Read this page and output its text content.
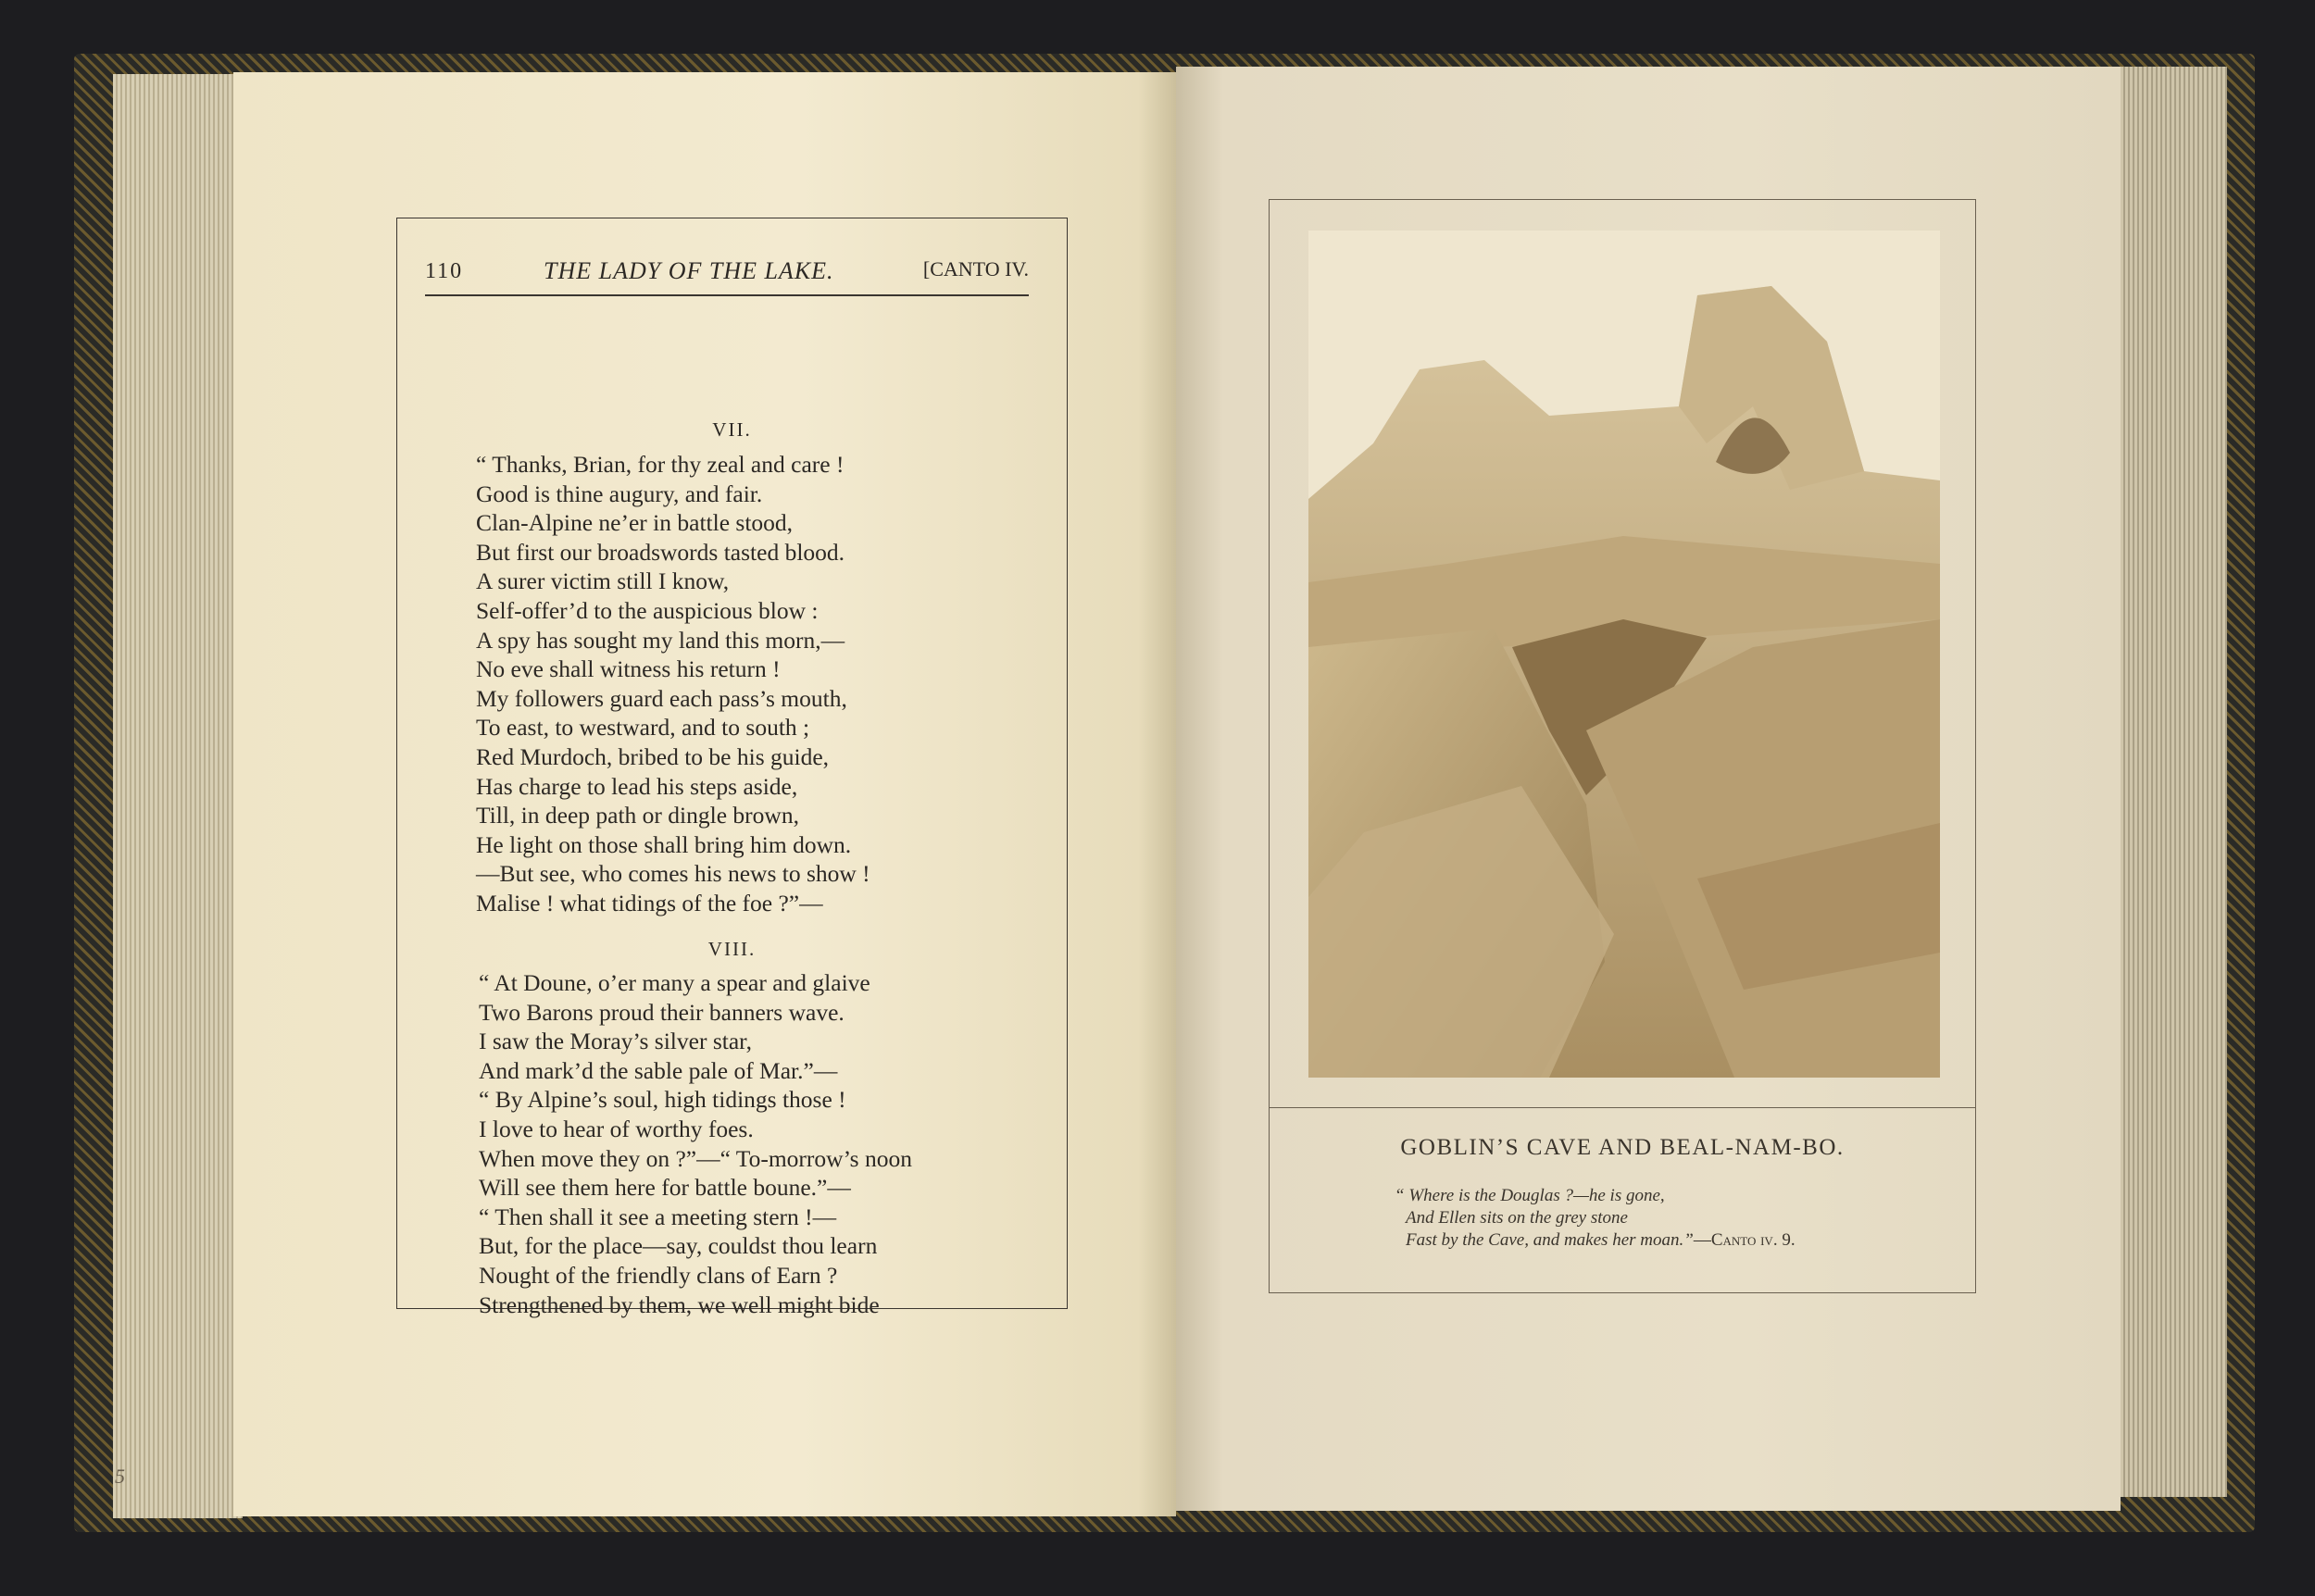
5
110	THE LADY OF THE LAKE.	[CANTO IV.
VII.
“ Thanks, Brian, for thy zeal and care !
Good is thine augury, and fair.
Clan-Alpine ne’er in battle stood,
But first our broadswords tasted blood.
A surer victim still I know,
Self-offer’d to the auspicious blow :
A spy has sought my land this morn,—
No eve shall witness his return !
My followers guard each pass’s mouth,
To east, to westward, and to south ;
Red Murdoch, bribed to be his guide,
Has charge to lead his steps aside,
Till, in deep path or dingle brown,
He light on those shall bring him down.
—But see, who comes his news to show !
Malise ! what tidings of the foe ?”—
VIII.
“ At Doune, o’er many a spear and glaive
Two Barons proud their banners wave.
I saw the Moray’s silver star,
And mark’d the sable pale of Mar.”—
“ By Alpine’s soul, high tidings those !
I love to hear of worthy foes.
When move they on ?”—“ To-morrow’s noon
Will see them here for battle boune.”—
“ Then shall it see a meeting stern !—
But, for the place—say, couldst thou learn
Nought of the friendly clans of Earn ?
Strengthened by them, we well might bide
GOBLIN’S CAVE AND BEAL-NAM-BO.
“ Where is the Douglas ?—he is gone,
And Ellen sits on the grey stone
Fast by the Cave, and makes her moan.”—Canto iv. 9.
